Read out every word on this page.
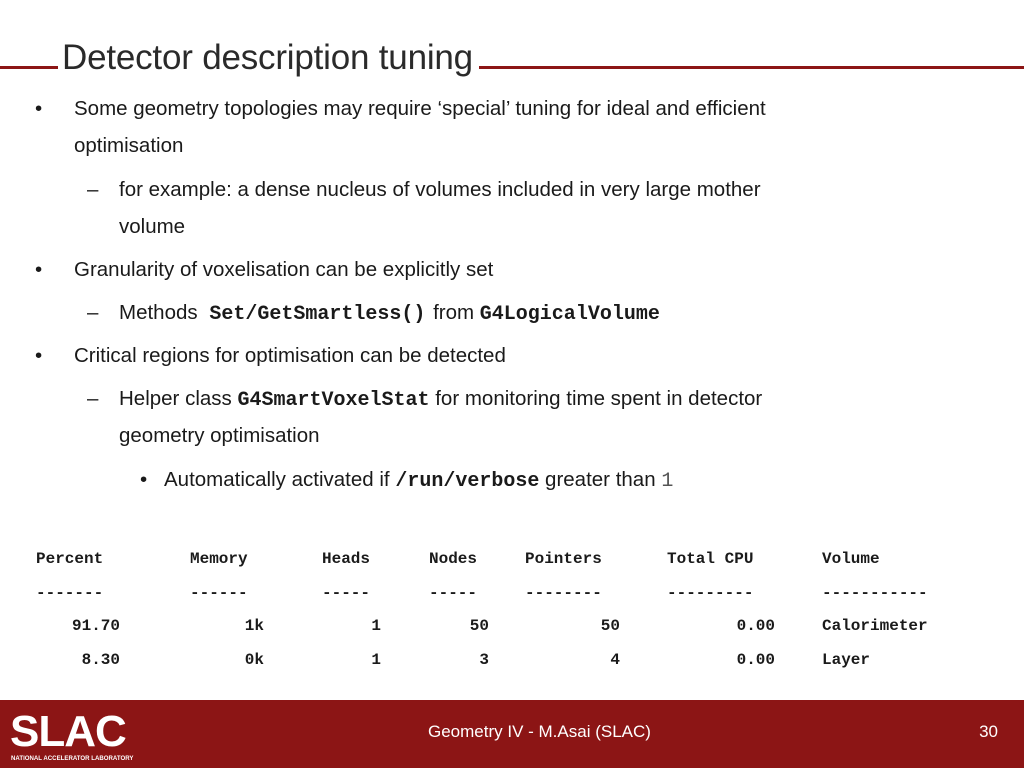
Detector description tuning
• Some geometry topologies may require ‘special’ tuning for ideal and efficient
optimisation
– for example: a dense nucleus of volumes included in very large mother
volume
• Granularity of voxelisation can be explicitly set
– Methods Set/GetSmartless() from G4LogicalVolume
• Critical regions for optimisation can be detected
– Helper class G4SmartVoxelStat for monitoring time spent in detector
geometry optimisation
• Automatically activated if /run/verbose greater than 1
Percent	Memory	Heads	Nodes	Pointers	Total CPU	Volume
-------	------	-----	-----	--------	---------	-----------
91.70	1k	1	50	50	0.00	Calorimeter
8.30	0k	1	3	4	0.00	Layer
SLAC
NATIONAL ACCELERATOR LABORATORY
Geometry IV - M.Asai (SLAC)	30
